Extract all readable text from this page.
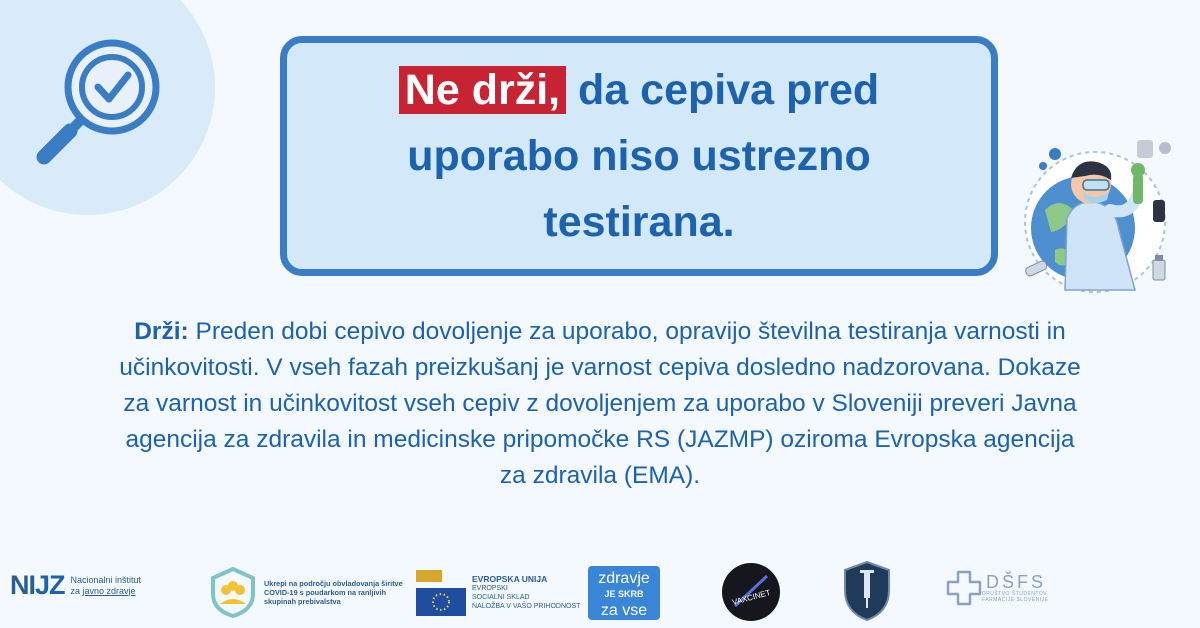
Ne drži, da cepiva pred uporabo niso ustrezno testirana.
Drži: Preden dobi cepivo dovoljenje za uporabo, opravijo številna testiranja varnosti in učinkovitosti. V vseh fazah preizkušanj je varnost cepiva dosledno nadzorovana. Dokaze za varnost in učinkovitost vseh cepiv z dovoljenjem za uporabo v Sloveniji preveri Javna agencija za zdravila in medicinske pripomočke RS (JAZMP) oziroma Evropska agencija za zdravila (EMA).
NIJZ Nacionalni inštitut
za javno zdravje
Ukrepi na področju obvladovanja širitve COVID-19 s poudarkom na ranljivih skupinah prebivalstva
EVROPSKA UNIJA
EVROPSKI
SOCIALNI SKLAD
NALOŽBA V VAŠO PRIHODNOST
zdravje
JE SKRB
za vse
VAXCINET
DŠFS
DRUŠTVO ŠTUDENTOV
FARMACIJE SLOVENIJE
